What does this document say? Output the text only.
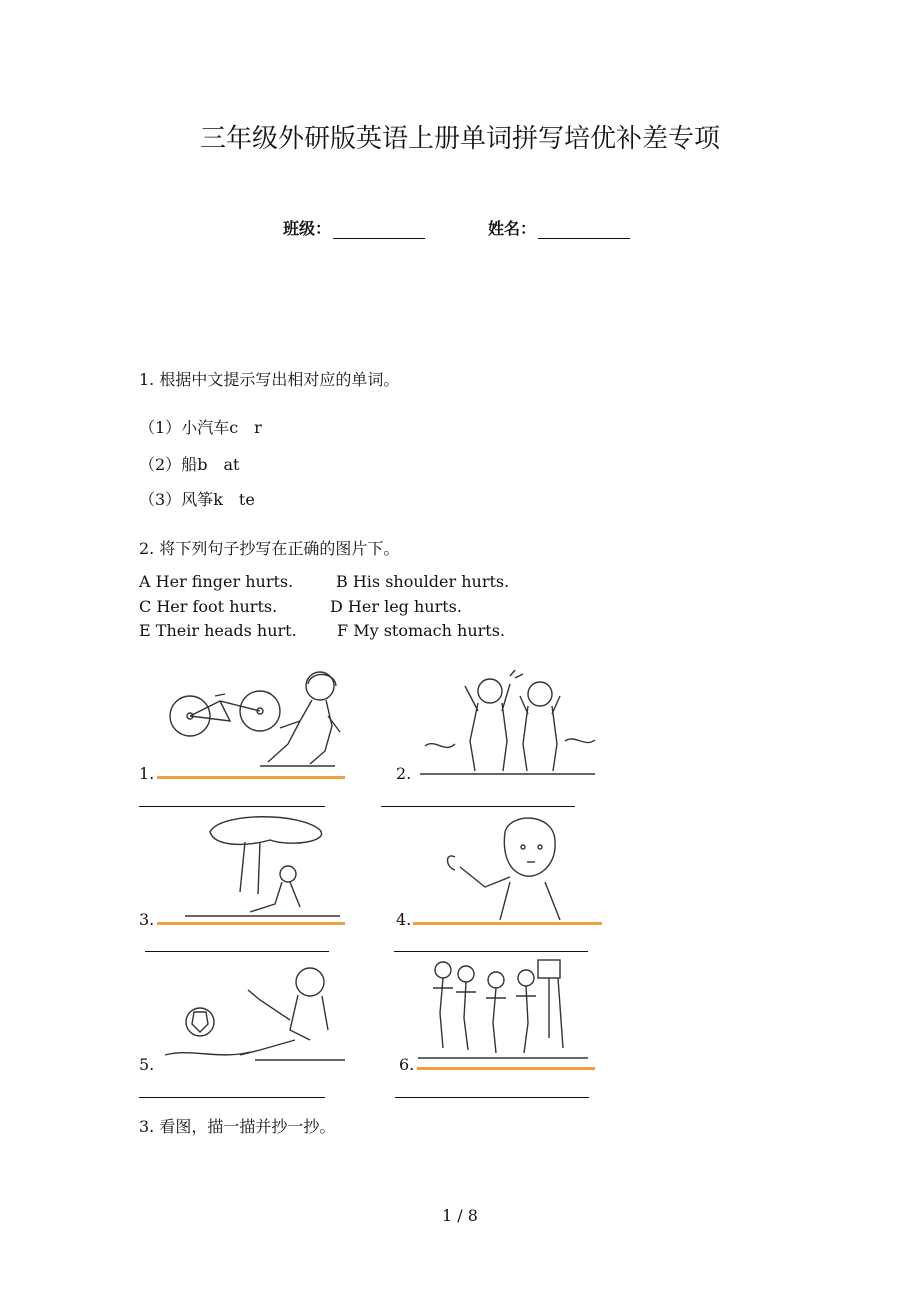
三年级外研版英语上册单词拼写培优补差专项
班级：	姓名：
1. 根据中文提示写出相对应的单词。
（1）小汽车c r
（2）船b at
（3）风筝k te
2. 将下列句子抄写在正确的图片下。
A Her finger hurts.	B His shoulder hurts.
C Her foot hurts.	D Her leg hurts.
E Their heads hurt.	F My stomach hurts.
1.	2.
3.	4.
5.	6.
3. 看图，描一描并抄一抄。
1 / 8
